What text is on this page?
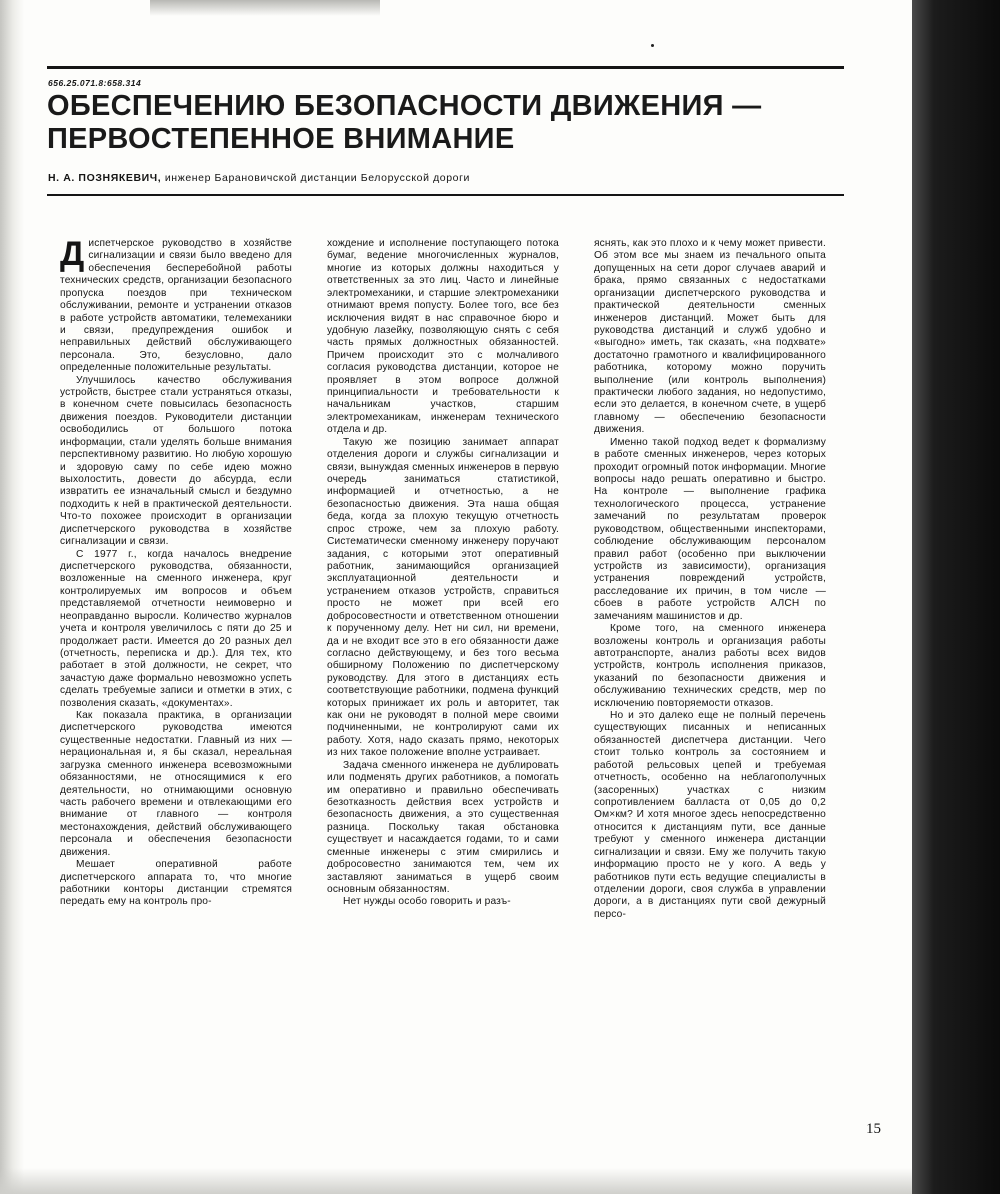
656.25.071.8:658.314
ОБЕСПЕЧЕНИЮ БЕЗОПАСНОСТИ ДВИЖЕНИЯ —
ПЕРВОСТЕПЕННОЕ ВНИМАНИЕ
Н. А. ПОЗНЯКЕВИЧ, инженер Барановичской дистанции Белорусской дороги

Диспетчерское руководство в хозяйстве сигнализации и связи было введено для обеспечения бесперебойной работы технических средств, организации безопасного пропуска поездов при техническом обслуживании, ремонте и устранении отказов в работе устройств автоматики, телемеханики и связи, предупреждения ошибок и неправильных действий обслуживающего персонала. Это, безусловно, дало определенные положительные результаты.

Улучшилось качество обслуживания устройств, быстрее стали устраняться отказы, в конечном счете повысилась безопасность движения поездов. Руководители дистанции освободились от большого потока информации, стали уделять больше внимания перспективному развитию. Но любую хорошую и здоровую саму по себе идею можно выхолостить, довести до абсурда, если извратить ее изначальный смысл и бездумно подходить к ней в практической деятельности. Что-то похожее происходит в организации диспетчерского руководства в хозяйстве сигнализации и связи.

С 1977 г., когда началось внедрение диспетчерского руководства, обязанности, возложенные на сменного инженера, круг контролируемых им вопросов и объем представляемой отчетности неимоверно и неоправданно выросли. Количество журналов учета и контроля увеличилось с пяти до 25 и продолжает расти. Имеется до 20 разных дел (отчетность, переписка и др.). Для тех, кто работает в этой должности, не секрет, что зачастую даже формально невозможно успеть сделать требуемые записи и отметки в этих, с позволения сказать, «документах».

Как показала практика, в организации диспетчерского руководства имеются существенные недостатки. Главный из них — нерациональная и, я бы сказал, нереальная загрузка сменного инженера всевозможными обязанностями, не относящимися к его деятельности, но отнимающими основную часть рабочего времени и отвлекающими его внимание от главного — контроля местонахождения, действий обслуживающего персонала и обеспечения безопасности движения.

Мешает оперативной работе диспетчерского аппарата то, что многие работники конторы дистанции стремятся передать ему на контроль про-

хождение и исполнение поступающего потока бумаг, ведение многочисленных журналов, многие из которых должны находиться у ответственных за это лиц. Часто и линейные электромеханики, и старшие электромеханики отнимают время попусту. Более того, все без исключения видят в нас справочное бюро и удобную лазейку, позволяющую снять с себя часть прямых должностных обязанностей. Причем происходит это с молчаливого согласия руководства дистанции, которое не проявляет в этом вопросе должной принципиальности и требовательности к начальникам участков, старшим электромеханикам, инженерам технического отдела и др.

Такую же позицию занимает аппарат отделения дороги и службы сигнализации и связи, вынуждая сменных инженеров в первую очередь заниматься статистикой, информацией и отчетностью, а не безопасностью движения. Эта наша общая беда, когда за плохую текущую отчетность спрос строже, чем за плохую работу. Систематически сменному инженеру поручают задания, с которыми этот оперативный работник, занимающийся организацией эксплуатационной деятельности и устранением отказов устройств, справиться просто не может при всей его добросовестности и ответственном отношении к порученному делу. Нет ни сил, ни времени, да и не входит все это в его обязанности даже согласно действующему, и без того весьма обширному Положению по диспетчерскому руководству. Для этого в дистанциях есть соответствующие работники, подмена функций которых принижает их роль и авторитет, так как они не руководят в полной мере своими подчиненными, не контролируют сами их работу. Хотя, надо сказать прямо, некоторых из них такое положение вполне устраивает.

Задача сменного инженера не дублировать или подменять других работников, а помогать им оперативно и правильно обеспечивать безотказность действия всех устройств и безопасность движения, а это существенная разница. Поскольку такая обстановка существует и насаждается годами, то и сами сменные инженеры с этим смирились и добросовестно занимаются тем, чем их заставляют заниматься в ущерб своим основным обязанностям.

Нет нужды особо говорить и разъ-

яснять, как это плохо и к чему может привести. Об этом все мы знаем из печального опыта допущенных на сети дорог случаев аварий и брака, прямо связанных с недостатками организации диспетчерского руководства и практической деятельности сменных инженеров дистанций. Может быть для руководства дистанций и служб удобно и «выгодно» иметь, так сказать, «на подхвате» достаточно грамотного и квалифицированного работника, которому можно поручить выполнение (или контроль выполнения) практически любого задания, но недопустимо, если это делается, в конечном счете, в ущерб главному — обеспечению безопасности движения.

Именно такой подход ведет к формализму в работе сменных инженеров, через которых проходит огромный поток информации. Многие вопросы надо решать оперативно и быстро. На контроле — выполнение графика технологического процесса, устранение замечаний по результатам проверок руководством, общественными инспекторами, соблюдение обслуживающим персоналом правил работ (особенно при выключении устройств из зависимости), организация устранения повреждений устройств, расследование их причин, в том числе — сбоев в работе устройств АЛСН по замечаниям машинистов и др.

Кроме того, на сменного инженера возложены контроль и организация работы автотранспорте, анализ работы всех видов устройств, контроль исполнения приказов, указаний по безопасности движения и обслуживанию технических средств, мер по исключению повторяемости отказов.

Но и это далеко еще не полный перечень существующих писанных и неписанных обязанностей диспетчера дистанции. Чего стоит только контроль за состоянием и работой рельсовых цепей и требуемая отчетность, особенно на неблагополучных (засоренных) участках с низким сопротивлением балласта от 0,05 до 0,2 Ом×км? И хотя многое здесь непосредственно относится к дистанциям пути, все данные требуют у сменного инженера дистанции сигнализации и связи. Ему же получить такую информацию просто не у кого. А ведь у работников пути есть ведущие специалисты в отделении дороги, своя служба в управлении дороги, а в дистанциях пути свой дежурный персо-

15
